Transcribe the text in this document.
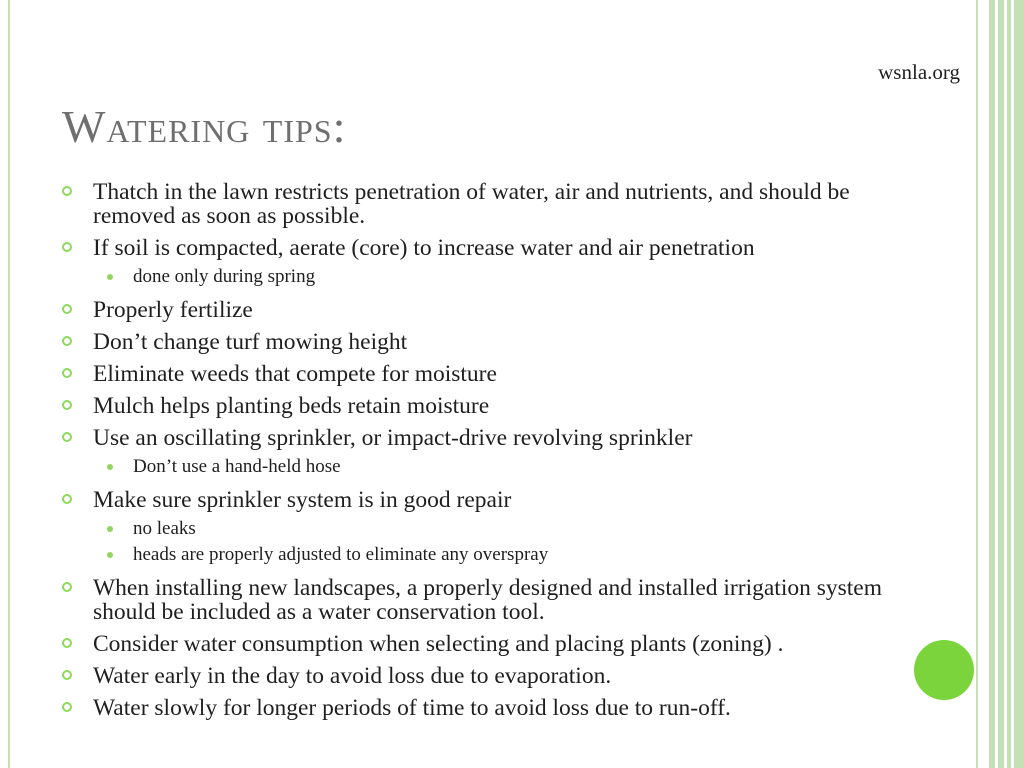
wsnla.org
Watering tips:
Thatch in the lawn restricts penetration of water, air and nutrients, and should be removed as soon as possible.
If soil is compacted, aerate (core) to increase water and air penetration
done only during spring
Properly fertilize
Don’t change turf mowing height
Eliminate weeds that compete for moisture
Mulch helps planting beds retain moisture
Use an oscillating sprinkler, or impact-drive revolving sprinkler
Don’t use a hand-held hose
Make sure sprinkler system is in good repair
no leaks
heads are properly adjusted to eliminate any overspray
When installing new landscapes, a properly designed and installed irrigation system should be included as a water conservation tool.
Consider water consumption when selecting and placing plants (zoning) .
Water early in the day to avoid loss due to evaporation.
Water slowly for longer periods of time to avoid loss due to run-off.
